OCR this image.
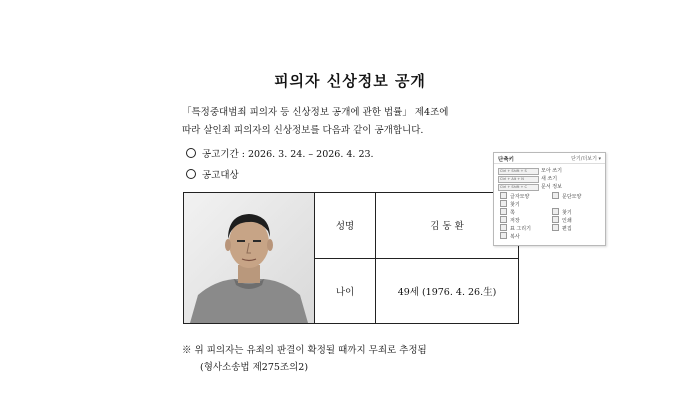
피의자 신상정보 공개
「특정중대범죄 피의자 등 신상정보 공개에 관한 법률」 제4조에
따라 살인죄 피의자의 신상정보를 다음과 같이 공개합니다.
공고기간 : 2026. 3. 24. – 2026. 4. 23.
공고대상
	성명	김 동 환
	나이	49세 (1976. 4. 26.生)
※ 위 피의자는 유죄의 판결이 확정될 때까지 무죄로 추정됨
(형사소송법 제275조의2)
단축키	닫기/더보기 ▾
Ctrl + Shift + S	모아 쓰기
Ctrl + Alt + N	새 쓰기
Ctrl + Shift + C	문서 정보
글자모양	문단모양
찾기
쪽	찾기
저장	인쇄
표 그리기	편집
복사
